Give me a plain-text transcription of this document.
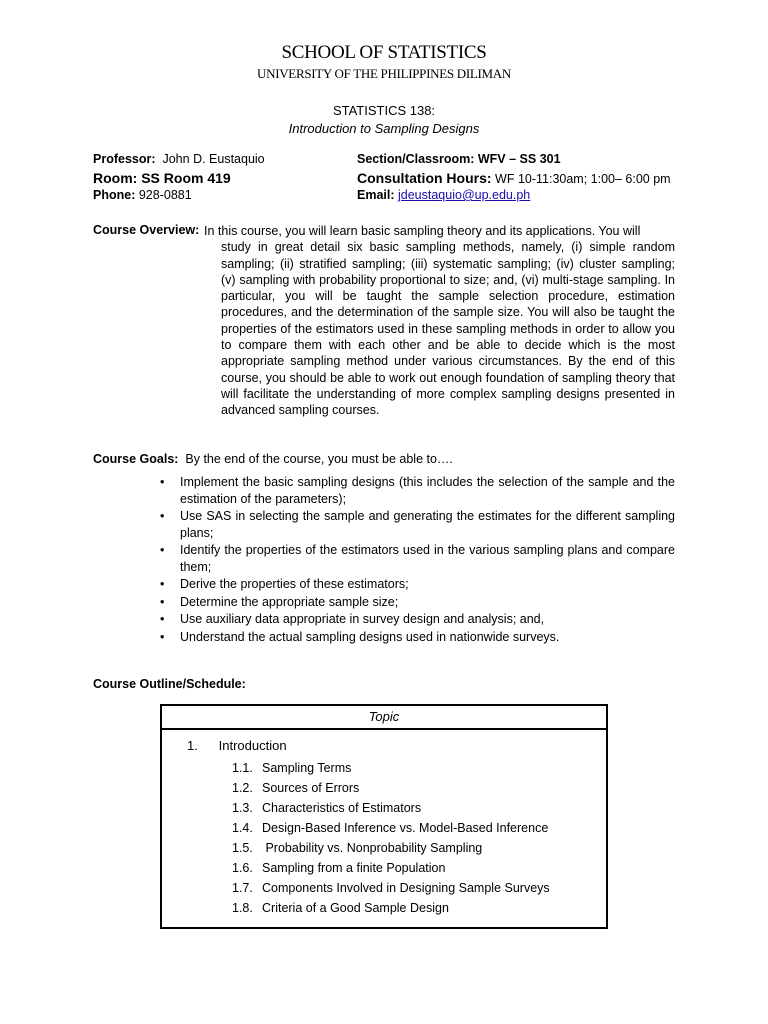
SCHOOL OF STATISTICS
UNIVERSITY OF THE PHILIPPINES DILIMAN
STATISTICS 138:
Introduction to Sampling Designs
Professor: John D. Eustaquio	Section/Classroom: WFV – SS 301
Room: SS Room 419	Consultation Hours: WF 10-11:30am; 1:00– 6:00 pm
Phone: 928-0881	Email: jdeustaquio@up.edu.ph
Course Overview: In this course, you will learn basic sampling theory and its applications. You will
study in great detail six basic sampling methods, namely, (i) simple random sampling; (ii) stratified sampling; (iii) systematic sampling; (iv) cluster sampling; (v) sampling with probability proportional to size; and, (vi) multi-stage sampling. In particular, you will be taught the sample selection procedure, estimation procedures, and the determination of the sample size. You will also be taught the properties of the estimators used in these sampling methods in order to allow you to compare them with each other and be able to decide which is the most appropriate sampling method under various circumstances. By the end of this course, you should be able to work out enough foundation of sampling theory that will facilitate the understanding of more complex sampling designs presented in advanced sampling courses.
Course Goals: By the end of the course, you must be able to….
• Implement the basic sampling designs (this includes the selection of the sample and the estimation of the parameters);
• Use SAS in selecting the sample and generating the estimates for the different sampling plans;
• Identify the properties of the estimators used in the various sampling plans and compare them;
• Derive the properties of these estimators;
• Determine the appropriate sample size;
• Use auxiliary data appropriate in survey design and analysis; and,
• Understand the actual sampling designs used in nationwide surveys.
Course Outline/Schedule:
Topic
1. Introduction
1.1. Sampling Terms
1.2. Sources of Errors
1.3. Characteristics of Estimators
1.4. Design-Based Inference vs. Model-Based Inference
1.5. Probability vs. Nonprobability Sampling
1.6. Sampling from a finite Population
1.7. Components Involved in Designing Sample Surveys
1.8. Criteria of a Good Sample Design
